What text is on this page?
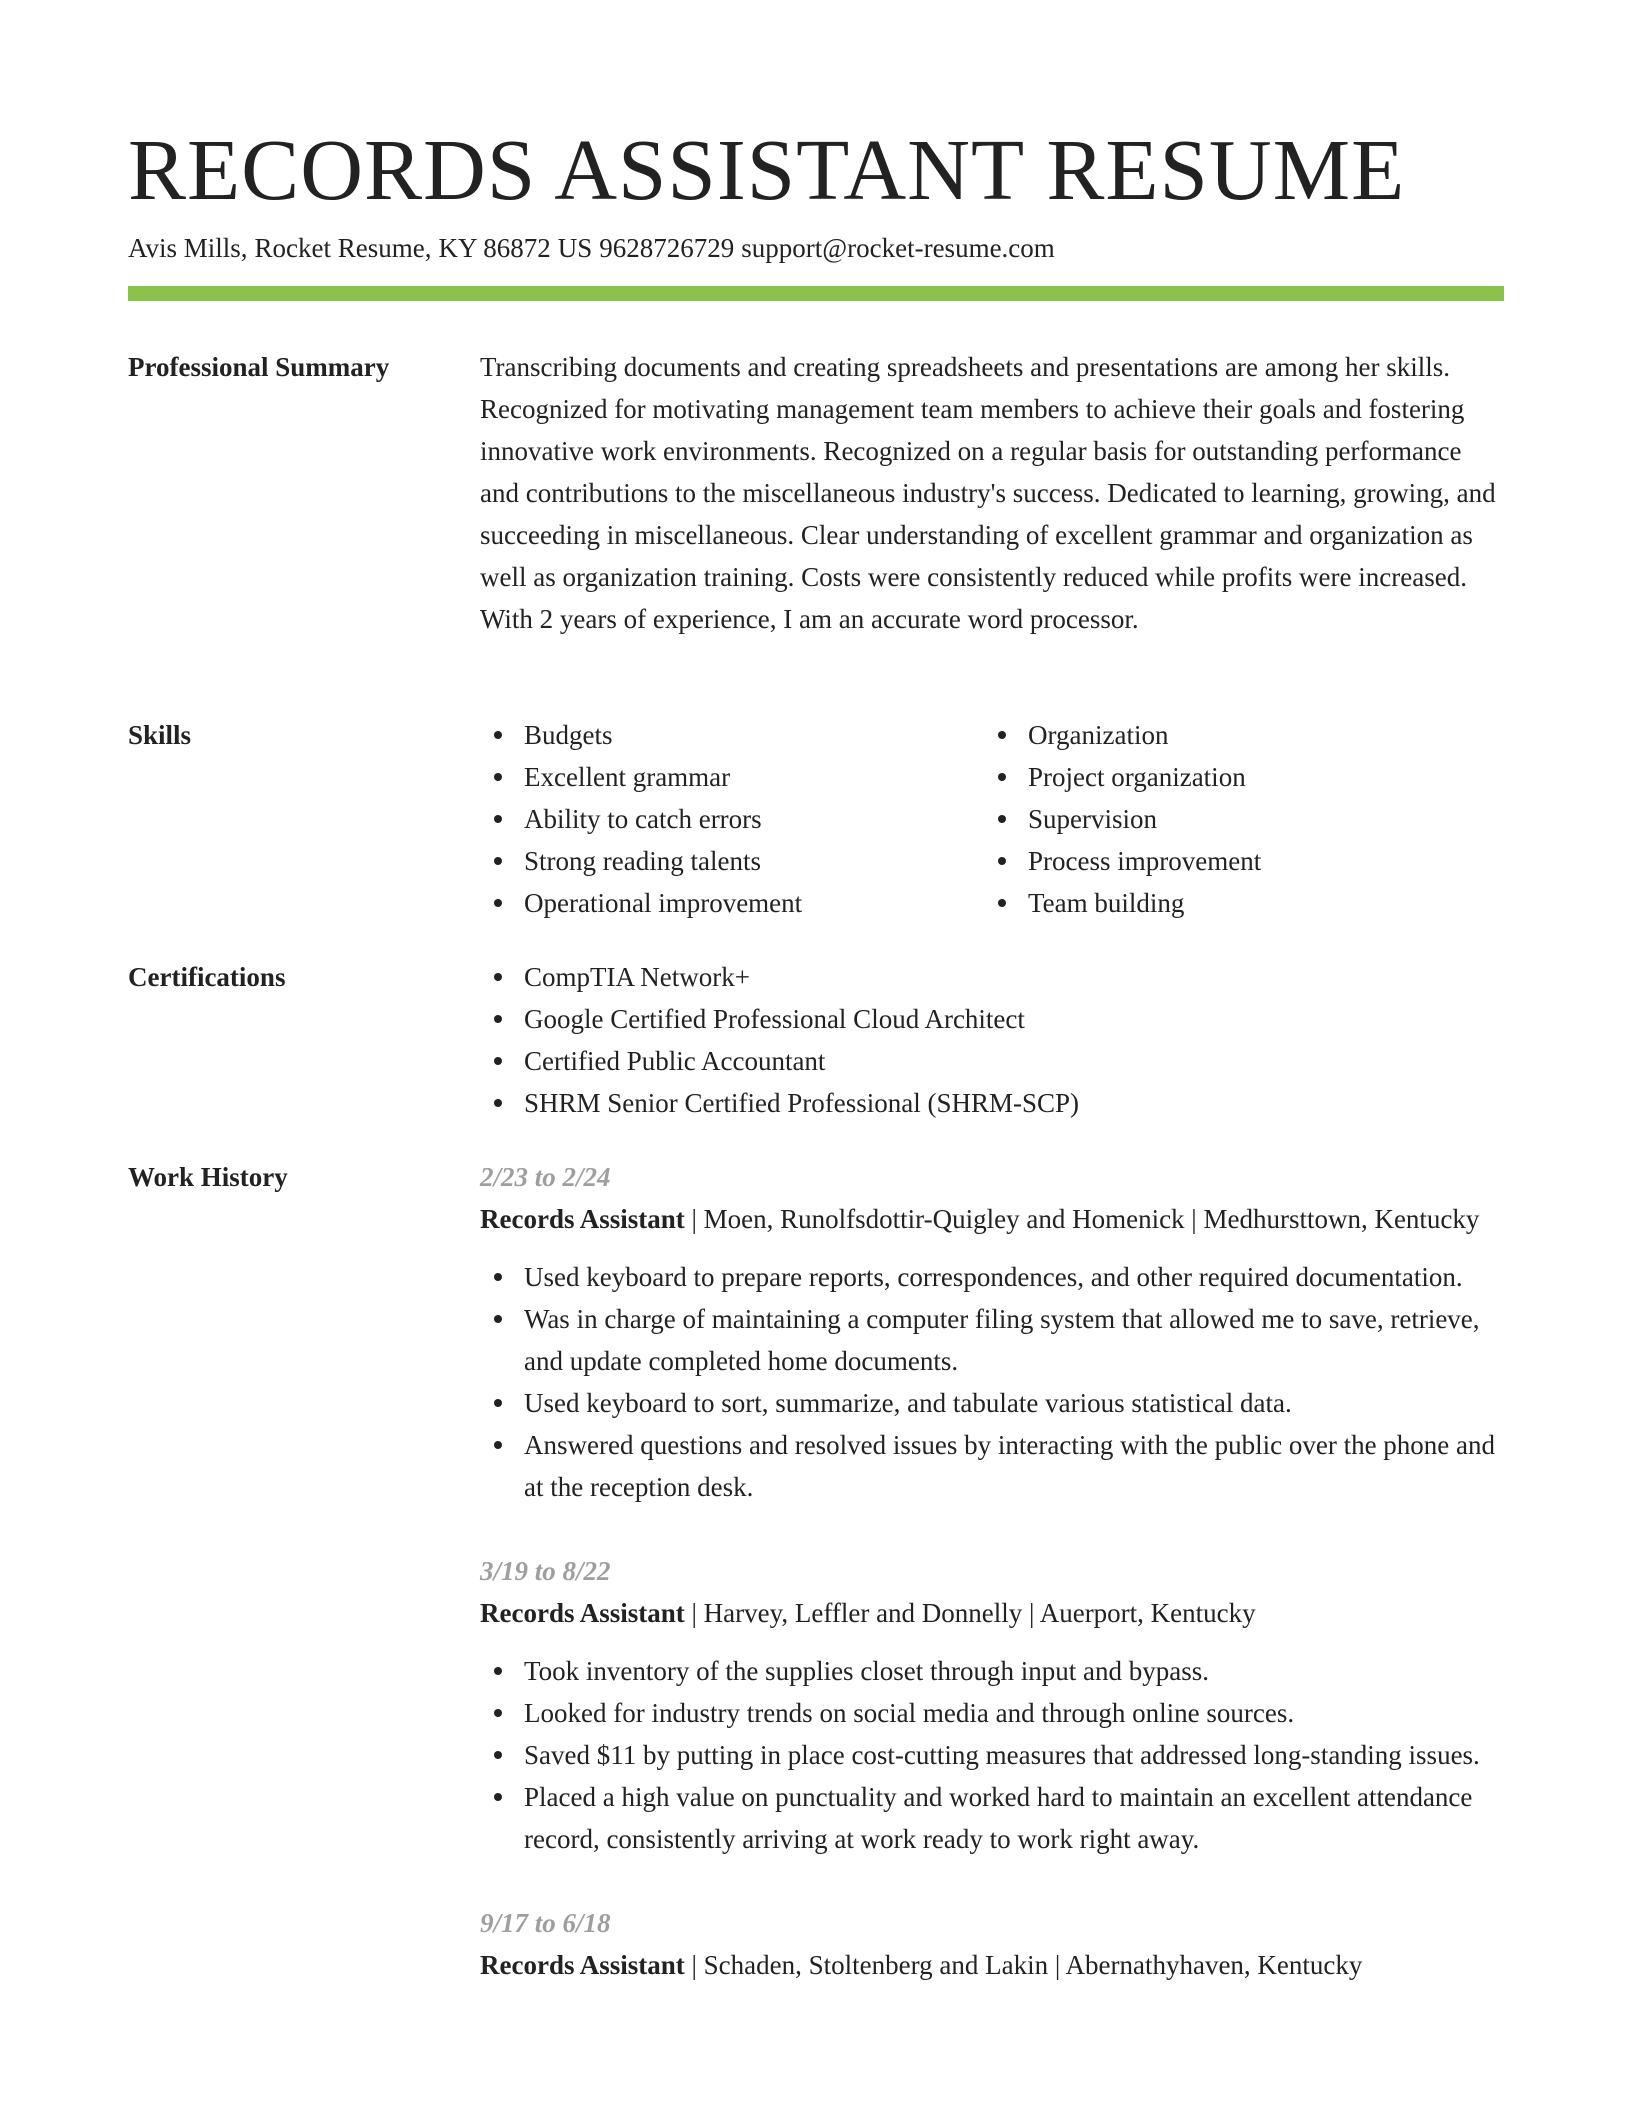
RECORDS ASSISTANT RESUME
Avis Mills, Rocket Resume, KY 86872 US 9628726729 support@rocket-resume.com
Professional Summary	Transcribing documents and creating spreadsheets and presentations are among her skills. Recognized for motivating management team members to achieve their goals and fostering innovative work environments. Recognized on a regular basis for outstanding performance and contributions to the miscellaneous industry's success. Dedicated to learning, growing, and succeeding in miscellaneous. Clear understanding of excellent grammar and organization as well as organization training. Costs were consistently reduced while profits were increased. With 2 years of experience, I am an accurate word processor.

Skills	Budgets
Excellent grammar
Ability to catch errors
Strong reading talents
Operational improvement
Organization
Project organization
Supervision
Process improvement
Team building
Certifications	CompTIA Network+
Google Certified Professional Cloud Architect
Certified Public Accountant
SHRM Senior Certified Professional (SHRM-SCP)
Work History	2/23 to 2/24
Records Assistant | Moen, Runolfsdottir-Quigley and Homenick | Medhursttown, Kentucky
Used keyboard to prepare reports, correspondences, and other required documentation.
Was in charge of maintaining a computer filing system that allowed me to save, retrieve, and update completed home documents.
Used keyboard to sort, summarize, and tabulate various statistical data.
Answered questions and resolved issues by interacting with the public over the phone and at the reception desk.
3/19 to 8/22
Records Assistant | Harvey, Leffler and Donnelly | Auerport, Kentucky
Took inventory of the supplies closet through input and bypass.
Looked for industry trends on social media and through online sources.
Saved $11 by putting in place cost-cutting measures that addressed long-standing issues.
Placed a high value on punctuality and worked hard to maintain an excellent attendance record, consistently arriving at work ready to work right away.
9/17 to 6/18
Records Assistant | Schaden, Stoltenberg and Lakin | Abernathyhaven, Kentucky
